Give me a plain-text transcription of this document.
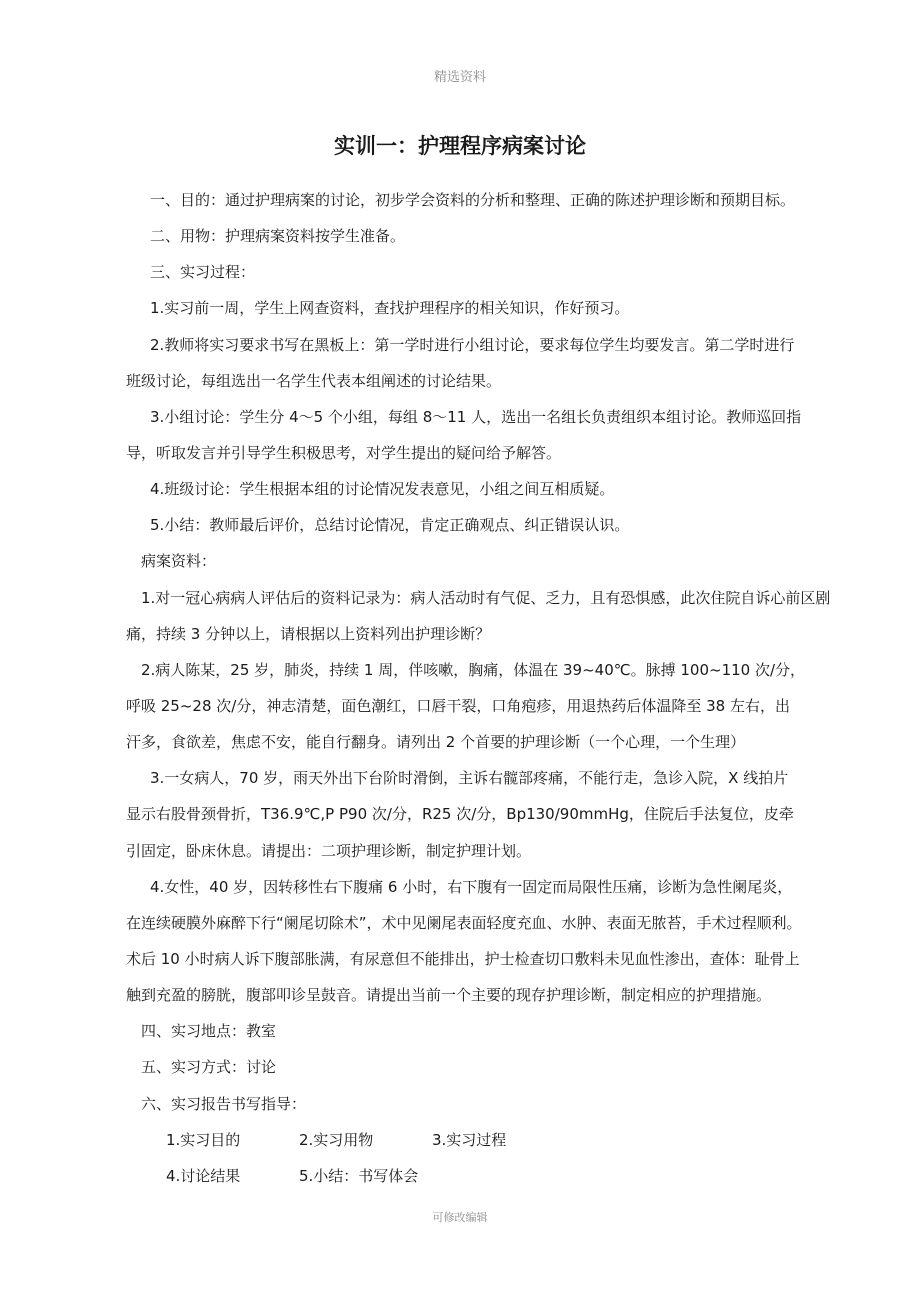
精选资料
实训一：护理程序病案讨论
一、目的：通过护理病案的讨论，初步学会资料的分析和整理、正确的陈述护理诊断和预期目标。
二、用物：护理病案资料按学生准备。
三、实习过程：
1.实习前一周，学生上网查资料，查找护理程序的相关知识，作好预习。
2.教师将实习要求书写在黑板上：第一学时进行小组讨论，要求每位学生均要发言。第二学时进行
班级讨论，每组选出一名学生代表本组阐述的讨论结果。
3.小组讨论：学生分 4～5 个小组，每组 8～11 人，选出一名组长负责组织本组讨论。教师巡回指
导，听取发言并引导学生积极思考，对学生提出的疑问给予解答。
4.班级讨论：学生根据本组的讨论情况发表意见，小组之间互相质疑。
5.小结：教师最后评价，总结讨论情况，肯定正确观点、纠正错误认识。
病案资料：
1.对一冠心病病人评估后的资料记录为：病人活动时有气促、乏力，且有恐惧感，此次住院自诉心前区剧
痛，持续 3 分钟以上，请根据以上资料列出护理诊断？
2.病人陈某，25 岁，肺炎，持续 1 周，伴咳嗽，胸痛，体温在 39~40℃。脉搏 100~110 次/分，
呼吸 25~28 次/分，神志清楚，面色潮红，口唇干裂，口角疱疹，用退热药后体温降至 38 左右，出
汗多，食欲差，焦虑不安，能自行翻身。请列出 2 个首要的护理诊断（一个心理，一个生理）
3.一女病人，70 岁，雨天外出下台阶时滑倒，主诉右髋部疼痛，不能行走，急诊入院，X 线拍片
显示右股骨颈骨折，T36.9℃,P P90 次/分，R25 次/分，Bp130/90mmHg，住院后手法复位，皮牵
引固定，卧床休息。请提出：二项护理诊断，制定护理计划。
4.女性，40 岁，因转移性右下腹痛 6 小时，右下腹有一固定而局限性压痛，诊断为急性阑尾炎，
在连续硬膜外麻醉下行“阑尾切除术”，术中见阑尾表面轻度充血、水肿、表面无脓苔，手术过程顺利。
术后 10 小时病人诉下腹部胀满，有尿意但不能排出，护士检查切口敷料未见血性渗出，查体：耻骨上
触到充盈的膀胱，腹部叩诊呈鼓音。请提出当前一个主要的现存护理诊断，制定相应的护理措施。
四、实习地点：教室
五、实习方式：讨论
六、实习报告书写指导：
1.实习目的	2.实习用物	3.实习过程
4.讨论结果	5.小结：书写体会
可修改编辑
